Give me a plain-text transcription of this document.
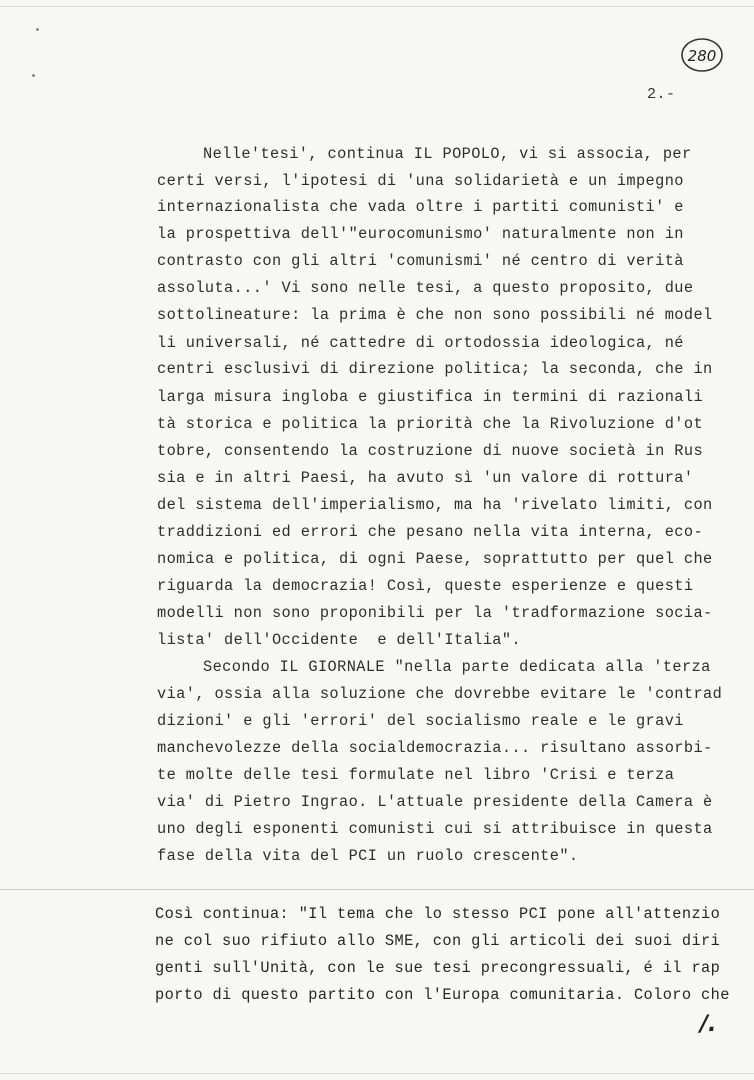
280
2.-
Nelle'tesi', continua IL POPOLO, vi si associa, per
certi versi, l'ipotesi di 'una solidarietà e un impegno
internazionalista che vada oltre i partiti comunisti' e
la prospettiva dell'"eurocomunismo' naturalmente non in
contrasto con gli altri 'comunismi' né centro di verità
assoluta...' Vi sono nelle tesi, a questo proposito, due
sottolineature: la prima è che non sono possibili né model
li universali, né cattedre di ortodossia ideologica, né
centri esclusivi di direzione politica; la seconda, che in
larga misura ingloba e giustifica in termini di razionali
tà storica e politica la priorità che la Rivoluzione d'ot
tobre, consentendo la costruzione di nuove società in Rus
sia e in altri Paesi, ha avuto sì 'un valore di rottura'
del sistema dell'imperialismo, ma ha 'rivelato limiti, con
traddizioni ed errori che pesano nella vita interna, eco-
nomica e politica, di ogni Paese, soprattutto per quel che
riguarda la democrazia! Così, queste esperienze e questi
modelli non sono proponibili per la 'tradformazione socia-
lista' dell'Occidente  e dell'Italia".
Secondo IL GIORNALE "nella parte dedicata alla 'terza
via', ossia alla soluzione che dovrebbe evitare le 'contrad
dizioni' e gli 'errori' del socialismo reale e le gravi
manchevolezze della socialdemocrazia... risultano assorbi-
te molte delle tesi formulate nel libro 'Crisi e terza
via' di Pietro Ingrao. L'attuale presidente della Camera è
uno degli esponenti comunisti cui si attribuisce in questa
fase della vita del PCI un ruolo crescente".
Così continua: "Il tema che lo stesso PCI pone all'attenzio
ne col suo rifiuto allo SME, con gli articoli dei suoi diri
genti sull'Unità, con le sue tesi precongressuali, é il rap
porto di questo partito con l'Europa comunitaria. Coloro che
/.
